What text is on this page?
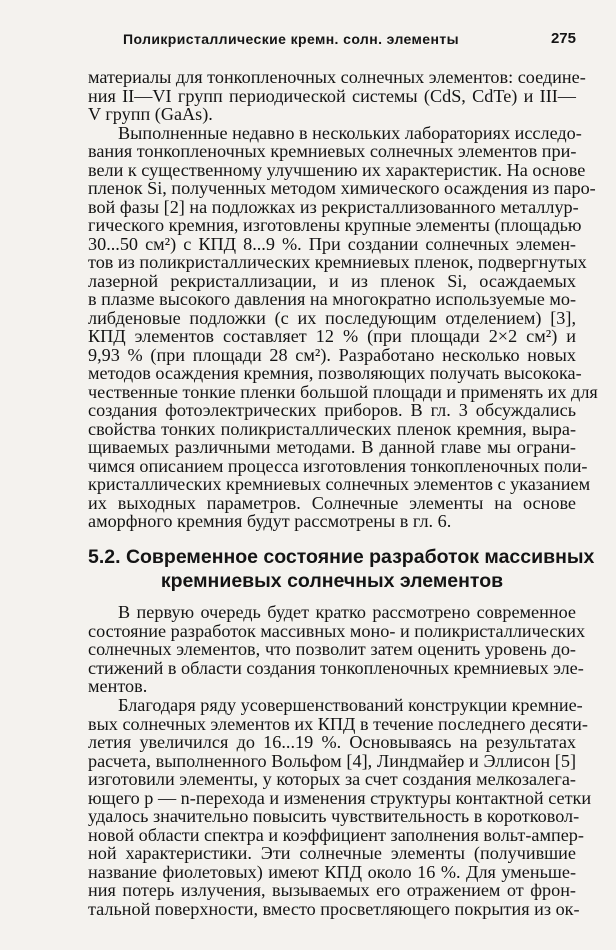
Поликристаллические кремн. солн. элементы	275
материалы для тонкопленочных солнечных элементов: соедине-
ния II—VI групп периодической системы (CdS, CdTe) и III—
V групп (GaAs).
Выполненные недавно в нескольких лабораториях исследо-
вания тонкопленочных кремниевых солнечных элементов при-
вели к существенному улучшению их характеристик. На основе
пленок Si, полученных методом химического осаждения из паро-
вой фазы [2] на подложках из рекристаллизованного металлур-
гического кремния, изготовлены крупные элементы (площадью
30...50 см²) с КПД 8...9 %. При создании солнечных элемен-
тов из поликристаллических кремниевых пленок, подвергнутых
лазерной рекристаллизации, и из пленок Si, осаждаемых
в плазме высокого давления на многократно используемые мо-
либденовые подложки (с их последующим отделением) [3],
КПД элементов составляет 12 % (при площади 2×2 см²) и
9,93 % (при площади 28 см²). Разработано несколько новых
методов осаждения кремния, позволяющих получать высокока-
чественные тонкие пленки большой площади и применять их для
создания фотоэлектрических приборов. В гл. 3 обсуждались
свойства тонких поликристаллических пленок кремния, выра-
щиваемых различными методами. В данной главе мы ограни-
чимся описанием процесса изготовления тонкопленочных поли-
кристаллических кремниевых солнечных элементов с указанием
их выходных параметров. Солнечные элементы на основе
аморфного кремния будут рассмотрены в гл. 6.
5.2. Современное состояние разработок массивных
кремниевых солнечных элементов
В первую очередь будет кратко рассмотрено современное
состояние разработок массивных моно- и поликристаллических
солнечных элементов, что позволит затем оценить уровень до-
стижений в области создания тонкопленочных кремниевых эле-
ментов.
Благодаря ряду усовершенствований конструкции кремние-
вых солнечных элементов их КПД в течение последнего десяти-
летия увеличился до 16...19 %. Основываясь на результатах
расчета, выполненного Вольфом [4], Линдмайер и Эллисон [5]
изготовили элементы, у которых за счет создания мелкозалега-
ющего p — n-перехода и изменения структуры контактной сетки
удалось значительно повысить чувствительность в коротковол-
новой области спектра и коэффициент заполнения вольт-ампер-
ной характеристики. Эти солнечные элементы (получившие
название фиолетовых) имеют КПД около 16 %. Для уменьше-
ния потерь излучения, вызываемых его отражением от фрон-
тальной поверхности, вместо просветляющего покрытия из ок-
